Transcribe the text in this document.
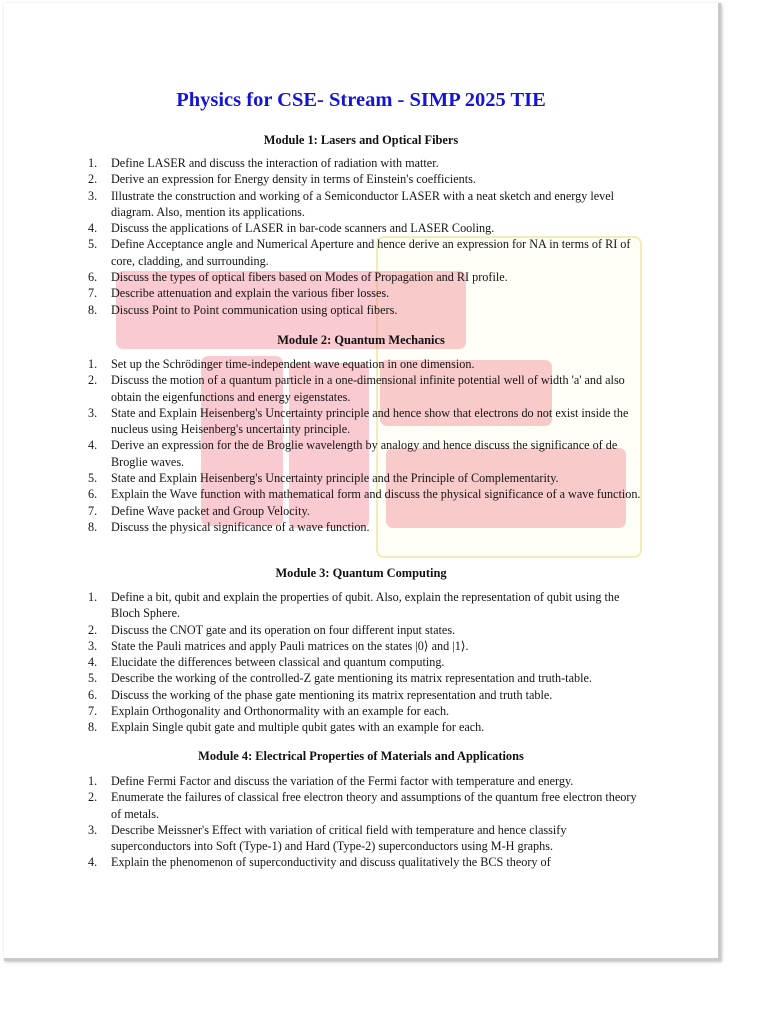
Physics for CSE- Stream - SIMP 2025 TIE
Module 1: Lasers and Optical Fibers
1.	Define LASER and discuss the interaction of radiation with matter.
2.	Derive an expression for Energy density in terms of Einstein's coefficients.
3.	Illustrate the construction and working of a Semiconductor LASER with a neat sketch and energy level diagram. Also, mention its applications.
4.	Discuss the applications of LASER in bar-code scanners and LASER Cooling.
5.	Define Acceptance angle and Numerical Aperture and hence derive an expression for NA in terms of RI of core, cladding, and surrounding.
6.	Discuss the types of optical fibers based on Modes of Propagation and RI profile.
7.	Describe attenuation and explain the various fiber losses.
8.	Discuss Point to Point communication using optical fibers.
Module 2: Quantum Mechanics
1.	Set up the Schrödinger time-independent wave equation in one dimension.
2.	Discuss the motion of a quantum particle in a one-dimensional infinite potential well of width 'a' and also obtain the eigenfunctions and energy eigenstates.
3.	State and Explain Heisenberg's Uncertainty principle and hence show that electrons do not exist inside the nucleus using Heisenberg's uncertainty principle.
4.	Derive an expression for the de Broglie wavelength by analogy and hence discuss the significance of de Broglie waves.
5.	State and Explain Heisenberg's Uncertainty principle and the Principle of Complementarity.
6.	Explain the Wave function with mathematical form and discuss the physical significance of a wave function.
7.	Define Wave packet and Group Velocity.
8.	Discuss the physical significance of a wave function.
Module 3: Quantum Computing
1.	Define a bit, qubit and explain the properties of qubit. Also, explain the representation of qubit using the Bloch Sphere.
2.	Discuss the CNOT gate and its operation on four different input states.
3.	State the Pauli matrices and apply Pauli matrices on the states |0⟩ and |1⟩.
4.	Elucidate the differences between classical and quantum computing.
5.	Describe the working of the controlled-Z gate mentioning its matrix representation and truth-table.
6.	Discuss the working of the phase gate mentioning its matrix representation and truth table.
7.	Explain Orthogonality and Orthonormality with an example for each.
8.	Explain Single qubit gate and multiple qubit gates with an example for each.
Module 4: Electrical Properties of Materials and Applications
1.	Define Fermi Factor and discuss the variation of the Fermi factor with temperature and energy.
2.	Enumerate the failures of classical free electron theory and assumptions of the quantum free electron theory of metals.
3.	Describe Meissner's Effect with variation of critical field with temperature and hence classify superconductors into Soft (Type-1) and Hard (Type-2) superconductors using M-H graphs.
4.	Explain the phenomenon of superconductivity and discuss qualitatively the BCS theory of
